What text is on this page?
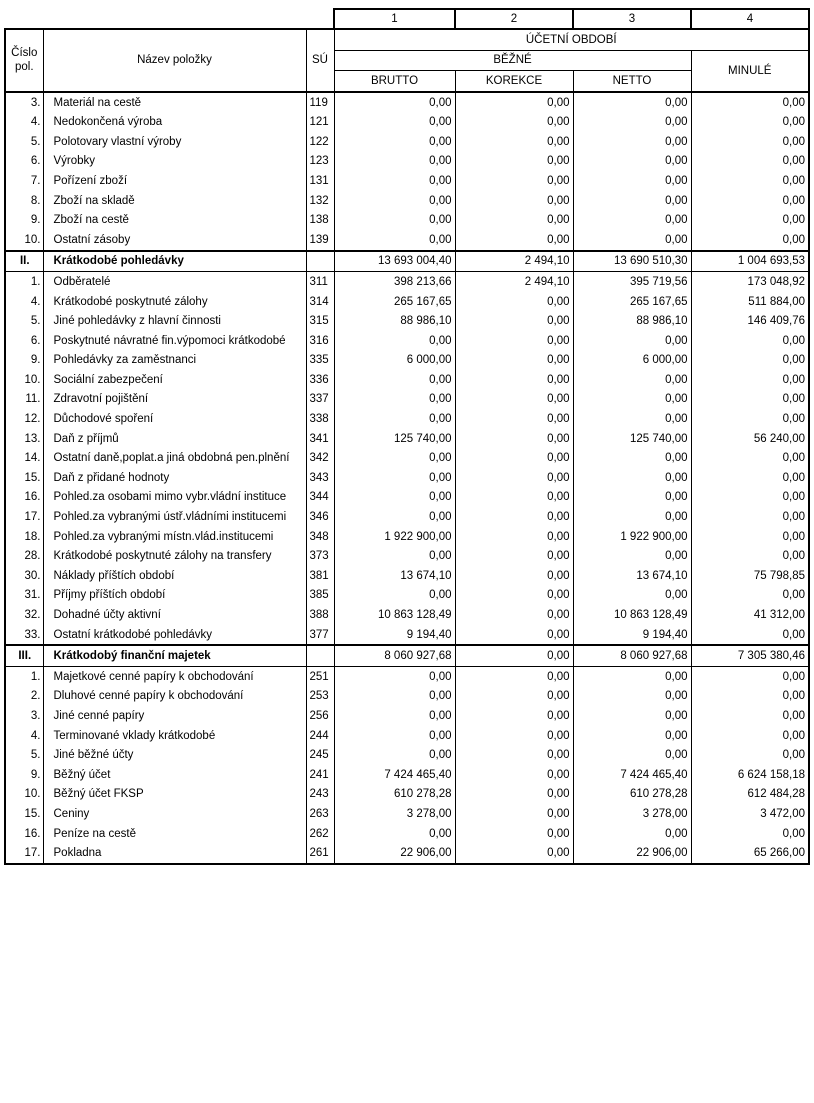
			1	2	3	4
Číslo pol.	Název položky	SÚ	ÚČETNÍ OBDOBÍ			
			BĚŽNÉ			MINULÉ
			BRUTTO	KOREKCE	NETTO	
3.	Materiál na cestě	119	0,00	0,00	0,00	0,00
4.	Nedokončená výroba	121	0,00	0,00	0,00	0,00
5.	Polotovary vlastní výroby	122	0,00	0,00	0,00	0,00
6.	Výrobky	123	0,00	0,00	0,00	0,00
7.	Pořízení zboží	131	0,00	0,00	0,00	0,00
8.	Zboží na skladě	132	0,00	0,00	0,00	0,00
9.	Zboží na cestě	138	0,00	0,00	0,00	0,00
10.	Ostatní zásoby	139	0,00	0,00	0,00	0,00
II.	Krátkodobé pohledávky		13 693 004,40	2 494,10	13 690 510,30	1 004 693,53
1.	Odběratelé	311	398 213,66	2 494,10	395 719,56	173 048,92
4.	Krátkodobé poskytnuté zálohy	314	265 167,65	0,00	265 167,65	511 884,00
5.	Jiné pohledávky z hlavní činnosti	315	88 986,10	0,00	88 986,10	146 409,76
6.	Poskytnuté návratné fin.výpomoci krátkodobé	316	0,00	0,00	0,00	0,00
9.	Pohledávky za zaměstnanci	335	6 000,00	0,00	6 000,00	0,00
10.	Sociální zabezpečení	336	0,00	0,00	0,00	0,00
11.	Zdravotní pojištění	337	0,00	0,00	0,00	0,00
12.	Důchodové spoření	338	0,00	0,00	0,00	0,00
13.	Daň z příjmů	341	125 740,00	0,00	125 740,00	56 240,00
14.	Ostatní daně,poplat.a jiná obdobná pen.plnění	342	0,00	0,00	0,00	0,00
15.	Daň z přidané hodnoty	343	0,00	0,00	0,00	0,00
16.	Pohled.za osobami mimo vybr.vládní instituce	344	0,00	0,00	0,00	0,00
17.	Pohled.za vybranými ústř.vládními institucemi	346	0,00	0,00	0,00	0,00
18.	Pohled.za vybranými místn.vlád.institucemi	348	1 922 900,00	0,00	1 922 900,00	0,00
28.	Krátkodobé poskytnuté zálohy na transfery	373	0,00	0,00	0,00	0,00
30.	Náklady příštích období	381	13 674,10	0,00	13 674,10	75 798,85
31.	Příjmy příštích období	385	0,00	0,00	0,00	0,00
32.	Dohadné účty aktivní	388	10 863 128,49	0,00	10 863 128,49	41 312,00
33.	Ostatní krátkodobé pohledávky	377	9 194,40	0,00	9 194,40	0,00
III.	Krátkodobý finanční majetek		8 060 927,68	0,00	8 060 927,68	7 305 380,46
1.	Majetkové cenné papíry k obchodování	251	0,00	0,00	0,00	0,00
2.	Dluhové cenné papíry k obchodování	253	0,00	0,00	0,00	0,00
3.	Jiné cenné papíry	256	0,00	0,00	0,00	0,00
4.	Terminované vklady krátkodobé	244	0,00	0,00	0,00	0,00
5.	Jiné běžné účty	245	0,00	0,00	0,00	0,00
9.	Běžný účet	241	7 424 465,40	0,00	7 424 465,40	6 624 158,18
10.	Běžný účet FKSP	243	610 278,28	0,00	610 278,28	612 484,28
15.	Ceniny	263	3 278,00	0,00	3 278,00	3 472,00
16.	Peníze na cestě	262	0,00	0,00	0,00	0,00
17.	Pokladna	261	22 906,00	0,00	22 906,00	65 266,00
